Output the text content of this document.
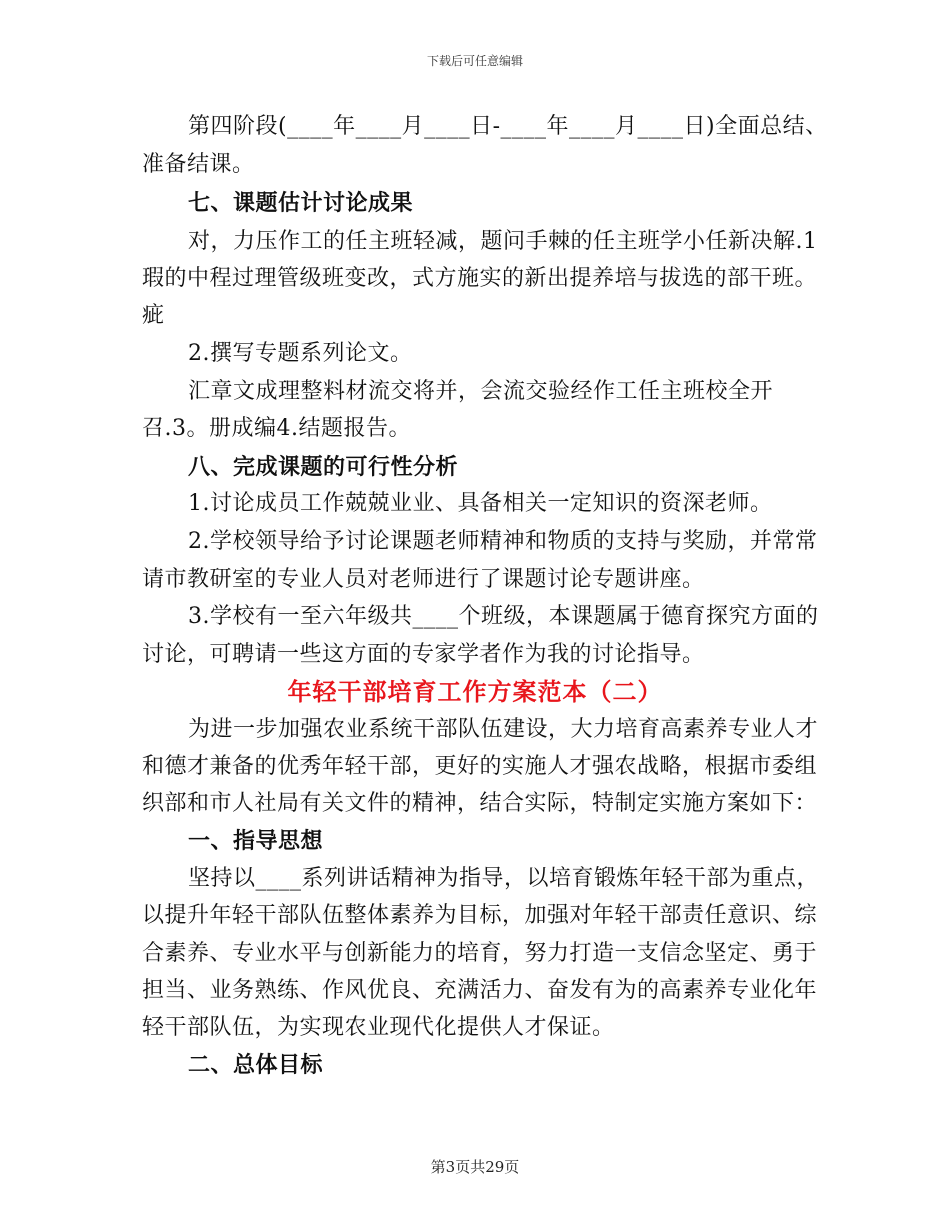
下载后可任意编辑
第四阶段(____年____月____日-____年____月____日)全面总结、
准备结课。
七、课题估计讨论成果
对，力压作工的任主班轻减，题问手棘的任主班学小任新决解.1
瑕的中程过理管级班变改，式方施实的新出提养培与拔选的部干班。
疵
2.撰写专题系列论文。
汇章文成理整料材流交将并，会流交验经作工任主班校全开
召.3。册成编4.结题报告。
八、完成课题的可行性分析
1.讨论成员工作兢兢业业、具备相关一定知识的资深老师。
2.学校领导给予讨论课题老师精神和物质的支持与奖励，并常常
请市教研室的专业人员对老师进行了课题讨论专题讲座。
3.学校有一至六年级共____个班级，本课题属于德育探究方面的
讨论，可聘请一些这方面的专家学者作为我的讨论指导。
年轻干部培育工作方案范本（二）
为进一步加强农业系统干部队伍建设，大力培育高素养专业人才
和德才兼备的优秀年轻干部，更好的实施人才强农战略，根据市委组
织部和市人社局有关文件的精神，结合实际，特制定实施方案如下：
一、指导思想
坚持以____系列讲话精神为指导，以培育锻炼年轻干部为重点，
以提升年轻干部队伍整体素养为目标，加强对年轻干部责任意识、综
合素养、专业水平与创新能力的培育，努力打造一支信念坚定、勇于
担当、业务熟练、作风优良、充满活力、奋发有为的高素养专业化年
轻干部队伍，为实现农业现代化提供人才保证。
二、总体目标
第3页共29页
